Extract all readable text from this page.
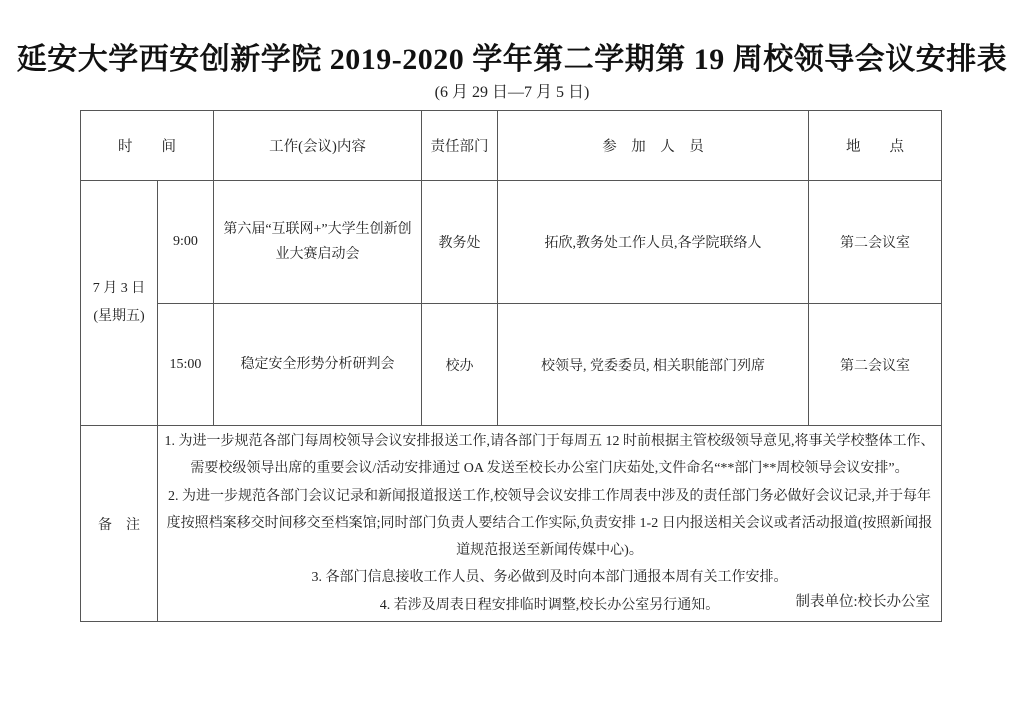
延安大学西安创新学院 2019-2020 学年第二学期第 19 周校领导会议安排表
(6 月 29 日—7 月 5 日)
时　　间		工作(会议)内容	责任部门	参　加　人　员	地　　点

7 月 3 日
(星期五)	9:00	第六届“互联网+”大学生创新创业大赛启动会	教务处	拓欣,教务处工作人员,各学院联络人	第二会议室
	15:00	稳定安全形势分析研判会	校办	校领导, 党委委员, 相关职能部门列席	第二会议室
备　注	1. 为进一步规范各部门每周校领导会议安排报送工作,请各部门于每周五 12 时前根据主管校级领导意见,将事关学校整体工作、需要校级领导出席的重要会议/活动安排通过 OA 发送至校长办公室门庆茹处,文件命名“**部门**周校领导会议安排”。

2. 为进一步规范各部门会议记录和新闻报道报送工作,校领导会议安排工作周表中涉及的责任部门务必做好会议记录,并于每年度按照档案移交时间移交至档案馆;同时部门负责人要结合工作实际,负责安排 1-2 日内报送相关会议或者活动报道(按照新闻报道规范报送至新闻传媒中心)。

3. 各部门信息接收工作人员、务必做到及时向本部门通报本周有关工作安排。

4. 若涉及周表日程安排临时调整,校长办公室另行通知。					制表单位:校长办公室
